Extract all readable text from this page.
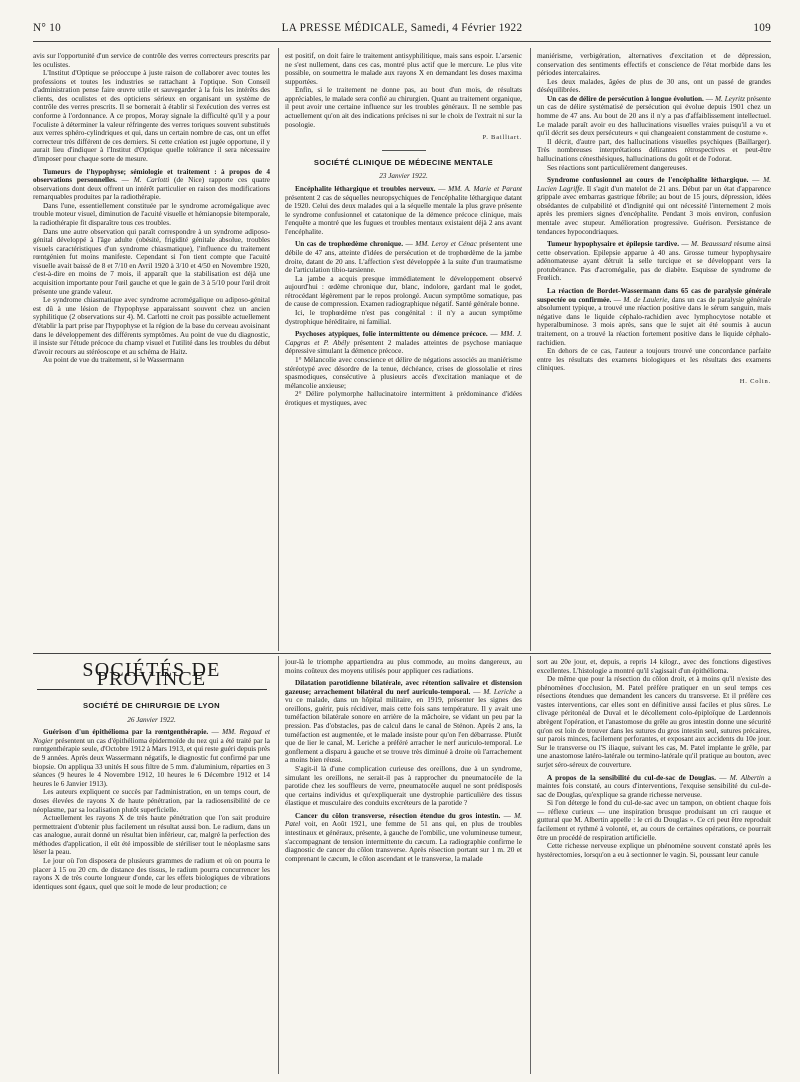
N° 10	LA PRESSE MÉDICALE, Samedi, 4 Février 1922	109

avis sur l'opportunité d'un service de contrôle des verres correcteurs prescrits par les oculistes.

L'Institut d'Optique se préoccupe à juste raison de collaborer avec toutes les professions et toutes les industries se rattachant à l'optique. Son Conseil d'administration pense faire œuvre utile et sauvegarder à la fois les intérêts des clients, des oculistes et des opticiens sérieux en organisant un système de contrôle des verres prescrits. Il se bornerait à établir si l'exécution des verres est conforme à l'ordonnance. A ce propos, Moray signale la difficulté qu'il y a pour l'oculiste à déterminer la valeur réfringente des verres toriques souvent substitués aux verres sphéro-cylindriques et qui, dans un certain nombre de cas, ont un effet correcteur très différent de ces derniers. Si cette création est jugée opportune, il y aurait lieu d'indiquer à l'Institut d'Optique quelle tolérance il sera nécessaire d'imposer pour chaque sorte de mesure.

Tumeurs de l'hypophyse; sémiologie et traitement : à propos de 4 observations personnelles. — M. Carlotti (de Nice) rapporte ces quatre observations dont deux offrent un intérêt particulier en raison des modifications remarquables produites par la radiothérapie.

Dans l'une, essentiellement constituée par le syndrome acromégalique avec trouble moteur visuel, diminution de l'acuité visuelle et hémianopsie bitemporale, la radiothérapie fit disparaître tous ces troubles.

Dans une autre observation qui paraît correspondre à un syndrome adiposo-génital développé à l'âge adulte (obésité, frigidité génitale absolue, troubles visuels caractéristiques d'un syndrome chiasmatique), l'influence du traitement rœntgénien fut moins manifeste. Cependant si l'on tient compte que l'acuité visuelle avait baissé de 8 et 7/10 en Avril 1920 à 3/10 et 4/50 en Novembre 1920, c'est-à-dire en moins de 7 mois, il apparaît que la stabilisation est déjà une acquisition importante pour l'œil gauche et que le gain de 3 à 5/10 pour l'œil droit présente une grande valeur.

Le syndrome chiasmatique avec syndrome acromégalique ou adiposo-génital est dû à une lésion de l'hypophyse apparaissant souvent chez un ancien syphilitique (2 observations sur 4). M. Carlotti ne croit pas possible actuellement d'établir la part prise par l'hypophyse et la région de la base du cerveau avoisinant dans le développement des différents symptômes. Au point de vue du diagnostic, il insiste sur l'étude précoce du champ visuel et l'utilité dans les troubles du début d'avoir recours au stéréoscope et au schéma de Haitz.

Au point de vue du traitement, si le Wassermann

est positif, on doit faire le traitement antisyphilitique, mais sans espoir. L'arsenic ne s'est nullement, dans ces cas, montré plus actif que le mercure. Le plus vite possible, on soumettra le malade aux rayons X en demandant les doses maxima supportées.

Enfin, si le traitement ne donne pas, au bout d'un mois, de résultats appréciables, le malade sera confié au chirurgien. Quant au traitement organique, il peut avoir une certaine influence sur les troubles généraux. Il ne semble pas actuellement qu'on ait des indications précises ni sur le choix de l'extrait ni sur la posologie.

P. Bailliart.

SOCIÉTÉ CLINIQUE DE MÉDECINE MENTALE
23 Janvier 1922.

Encéphalite léthargique et troubles nerveux. — MM. A. Marie et Parant présentent 2 cas de séquelles neuropsychiques de l'encéphalite léthargique datant de 1920. Celui des deux malades qui a la séquelle mentale la plus grave présente le syndrome confusionnel et catatonique de la démence précoce clinique, mais l'enquête a montré que les fugues et troubles mentaux existaient déjà 2 ans avant l'encéphalite.

Un cas de trophœdème chronique. — MM. Leroy et Cénac présentent une débile de 47 ans, atteinte d'idées de persécution et de trophœdème de la jambe droite, datant de 20 ans. L'affection s'est développée à la suite d'un traumatisme de l'articulation tibio-tarsienne.

La jambe a acquis presque immédiatement le développement observé aujourd'hui : œdème chronique dur, blanc, indolore, gardant mal le godet, rétrocédant légèrement par le repos prolongé. Aucun symptôme somatique, pas de cause de compression. Examen radiographique négatif. Santé générale bonne.

Ici, le trophœdème n'est pas congénital : il n'y a aucun symptôme dystrophique héréditaire, ni familial.

Psychoses atypiques, folie intermittente ou démence précoce. — MM. J. Capgras et P. Abély présentent 2 malades atteintes de psychose maniaque dépressive simulant la démence précoce.

1° Mélancolie avec conscience et délire de négations associés au maniérisme stéréotypé avec désordre de la tenue, déchéance, crises de glossolalie et rires spasmodiques, consécutive à plusieurs accès d'excitation maniaque et de mélancolie anxieuse;

2° Délire polymorphe hallucinatoire intermittent à prédominance d'idées érotiques et mystiques, avec

maniérisme, verbigération, alternatives d'excitation et de dépression, conservation des sentiments effectifs et conscience de l'état morbide dans les périodes intercalaires.

Les deux malades, âgées de plus de 30 ans, ont un passé de grandes déséquilibrées.

Un cas de délire de persécution à longue évolution. — M. Leyritz présente un cas de délire systématisé de persécution qui évolue depuis 1901 chez un homme de 47 ans. Au bout de 20 ans il n'y a pas d'affaiblissement intellectuel. Le malade paraît avoir eu des hallucinations visuelles vraies puisqu'il a vu et qu'il décrit ses deux persécuteurs « qui changeaient constamment de costume ».

Il décrit, d'autre part, des hallucinations visuelles psychiques (Baillarger). Très nombreuses interprétations délirantes rétrospectives et peut-être hallucinations cénesthésiques, hallucinations du goût et de l'odorat.

Ses réactions sont particulièrement dangereuses.

Syndrome confusionnel au cours de l'encéphalite léthargique. — M. Lucien Lagriffe. Il s'agit d'un matelot de 21 ans. Début par un état d'apparence grippale avec embarras gastrique fébrile; au bout de 15 jours, dépression, idées obsédantes de culpabilité et d'indignité qui ont nécessité l'internement 2 mois après les premiers signes d'encéphalite. Pendant 3 mois environ, confusion mentale avec stupeur. Amélioration progressive. Guérison. Persistance de tendances hypocondriaques.

Tumeur hypophysaire et épilepsie tardive. — M. Beaussard résume ainsi cette observation. Epilepsie apparue à 40 ans. Grosse tumeur hypophysaire adénomateuse ayant détruit la selle turcique et se développant vers la protubérance. Pas d'acromégalie, pas de diabète. Esquisse de syndrome de Frœlich.

La réaction de Bordet-Wassermann dans 65 cas de paralysie générale suspectée ou confirmée. — M. de Laulerie, dans un cas de paralysie générale absolument typique, a trouvé une réaction positive dans le sérum sanguin, mais négative dans le liquide céphalo-rachidien avec lymphocytose notable et hyperalbuminose. 3 mois après, sans que le sujet ait été soumis à aucun traitement, on a trouvé la réaction fortement positive dans le liquide céphalo-rachidien.

En dehors de ce cas, l'auteur a toujours trouvé une concordance parfaite entre les résultats des examens biologiques et les résultats des examens cliniques.

H. Colin.

SOCIÉTÉS DE PROVINCE
SOCIÉTÉ DE CHIRURGIE DE LYON
26 Janvier 1922.

Guérison d'un épithélioma par la rœntgenthérapie. — MM. Regaud et Nogier présentent un cas d'épithélioma épidermoïde du nez qui a été traité par la rœntgenthérapie seule, d'Octobre 1912 à Mars 1913, et qui reste guéri depuis près de 9 années. Après deux Wassermann négatifs, le diagnostic fut confirmé par une biopsie. On appliqua 33 unités H sous filtre de 5 mm. d'aluminium, réparties en 3 séances (9 heures le 4 Novembre 1912, 10 heures le 6 Décembre 1912 et 14 heures le 6 Janvier 1913).

Les auteurs expliquent ce succès par l'administration, en un temps court, de doses élevées de rayons X de haute pénétration, par la radiosensibilité de ce néoplasme, par sa localisation plutôt superficielle.

Actuellement les rayons X de très haute pénétration que l'on sait produire permettraient d'obtenir plus facilement un résultat aussi bon. Le radium, dans un cas analogue, aurait donné un résultat bien inférieur, car, malgré la perfection des méthodes d'application, il eût été impossible de stériliser tout le néoplasme sans léser la peau.

Le jour où l'on disposera de plusieurs grammes de radium et où on pourra le placer à 15 ou 20 cm. de distance des tissus, le radium pourra concurrencer les rayons X de très courte longueur d'onde, car les effets biologiques de vibrations identiques sont égaux, quel que soit le mode de leur production; ce

jour-là le triomphe appartiendra au plus commode, au moins dangereux, au moins coûteux des moyens utilisés pour appliquer ces radiations.

Dilatation parotidienne bilatérale, avec rétention salivaire et distension gazeuse; arrachement bilatéral du nerf auriculo-temporal. — M. Leriche a vu ce malade, dans un hôpital militaire, en 1919, présenter les signes des oreillons, guérir, puis récidiver, mais cette fois sans température. Il y avait une tuméfaction bilatérale sonore en arrière de la mâchoire, se vidant un peu par la pression. Pas d'obstacles, pas de calcul dans le canal de Sténon. Après 2 ans, la tuméfaction est augmentée, et le malade insiste pour qu'on l'en débarrasse. Plutôt que de lier le canal, M. Leriche a préféré arracher le nerf auriculo-temporal. Le gonflement a disparu à gauche et se trouve très diminué à droite où l'arrachement a moins bien réussi.

S'agit-il là d'une complication curieuse des oreillons, due à un syndrome, simulant les oreillons, ne serait-il pas à rapprocher du pneumatocèle de la parotide chez les souffleurs de verre, pneumatocèle auquel ne sont prédisposés que certains individus et qu'expliquerait une dystrophie particulière des tissus élastique et musculaire des conduits excréteurs de la parotide ?

Cancer du côlon transverse, résection étendue du gros intestin. — M. Patel voit, en Août 1921, une femme de 51 ans qui, en plus de troubles intestinaux et généraux, présente, à gauche de l'ombilic, une volumineuse tumeur, s'accompagnant de tension intermittente du cæcum. La radiographie confirme le diagnostic de cancer du côlon transverse. Après résection portant sur 1 m. 20 et comprenant le cæcum, le côlon ascendant et le transverse, la malade

sort au 20e jour, et, depuis, a repris 14 kilogr., avec des fonctions digestives excellentes. L'histologie a montré qu'il s'agissait d'un épithélioma.

De même que pour la résection du côlon droit, et à moins qu'il n'existe des phénomènes d'occlusion, M. Patel préfère pratiquer en un seul temps ces résections étendues que demandent les cancers du transverse. Et il préfère ces vastes interventions, car elles sont en définitive aussi faciles et plus sûres. Le clivage péritonéal de Duval et le décollement colo-épiploïque de Lardennois abrègent l'opération, et l'anastomose du grêle au gros intestin donne une sécurité qu'on est loin de trouver dans les sutures du gros intestin seul, sutures précaires, sur parois minces, facilement perforantes, et exposant aux accidents du 10e jour. Sur le transverse ou l'S iliaque, suivant les cas, M. Patel implante le grêle, par une anastomose latéro-latérale ou termino-latérale qu'il pratique au bouton, avec surjet séro-séreux de couverture.

A propos de la sensibilité du cul-de-sac de Douglas. — M. Albertin a maintes fois constaté, au cours d'interventions, l'exquise sensibilité du cul-de-sac de Douglas, qu'explique sa grande richesse nerveuse.

Si l'on déterge le fond du cul-de-sac avec un tampon, on obtient chaque fois — réflexe curieux — une inspiration brusque produisant un cri rauque et guttural que M. Albertin appelle : le cri du Douglas ». Ce cri peut être reproduit facilement et rythmé à volonté, et, au cours de certaines opérations, ce pourrait être un procédé de respiration artificielle.

Cette richesse nerveuse explique un phénomène souvent constaté après les hystérectomies, lorsqu'on a eu à sectionner le vagin. Si, poussant leur canule
